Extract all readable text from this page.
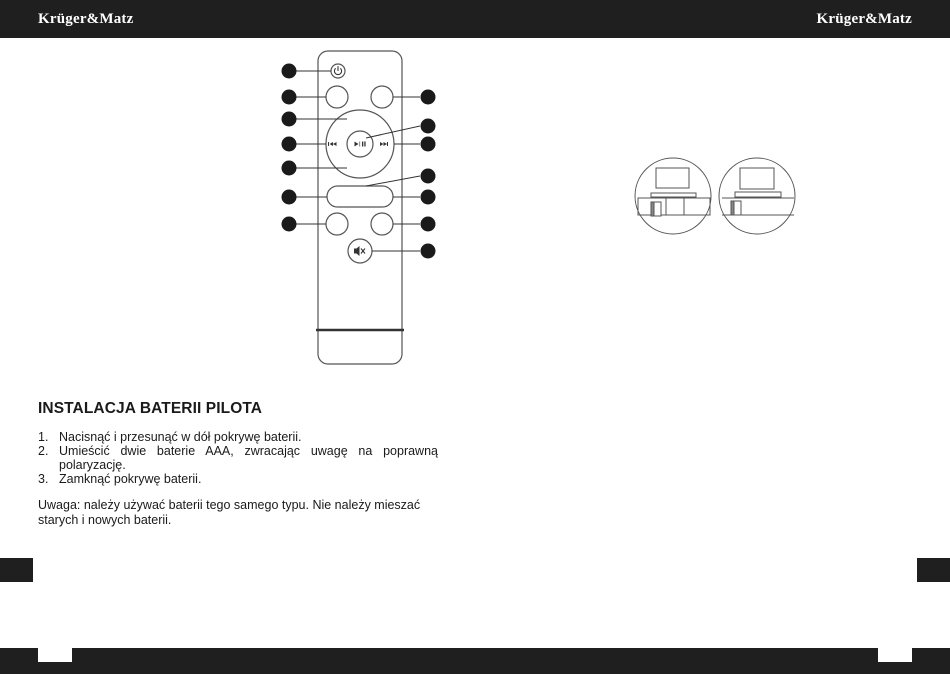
Krüger&Matz	Krüger&Matz
INSTALACJA BATERII PILOTA
1. Nacisnąć i przesunąć w dół pokrywę baterii.
2. Umieścić dwie baterie AAA, zwracając uwagę na poprawną polaryzację.
3. Zamknąć pokrywę baterii.

Uwaga: należy używać baterii tego samego typu. Nie należy mieszać starych i nowych baterii.
